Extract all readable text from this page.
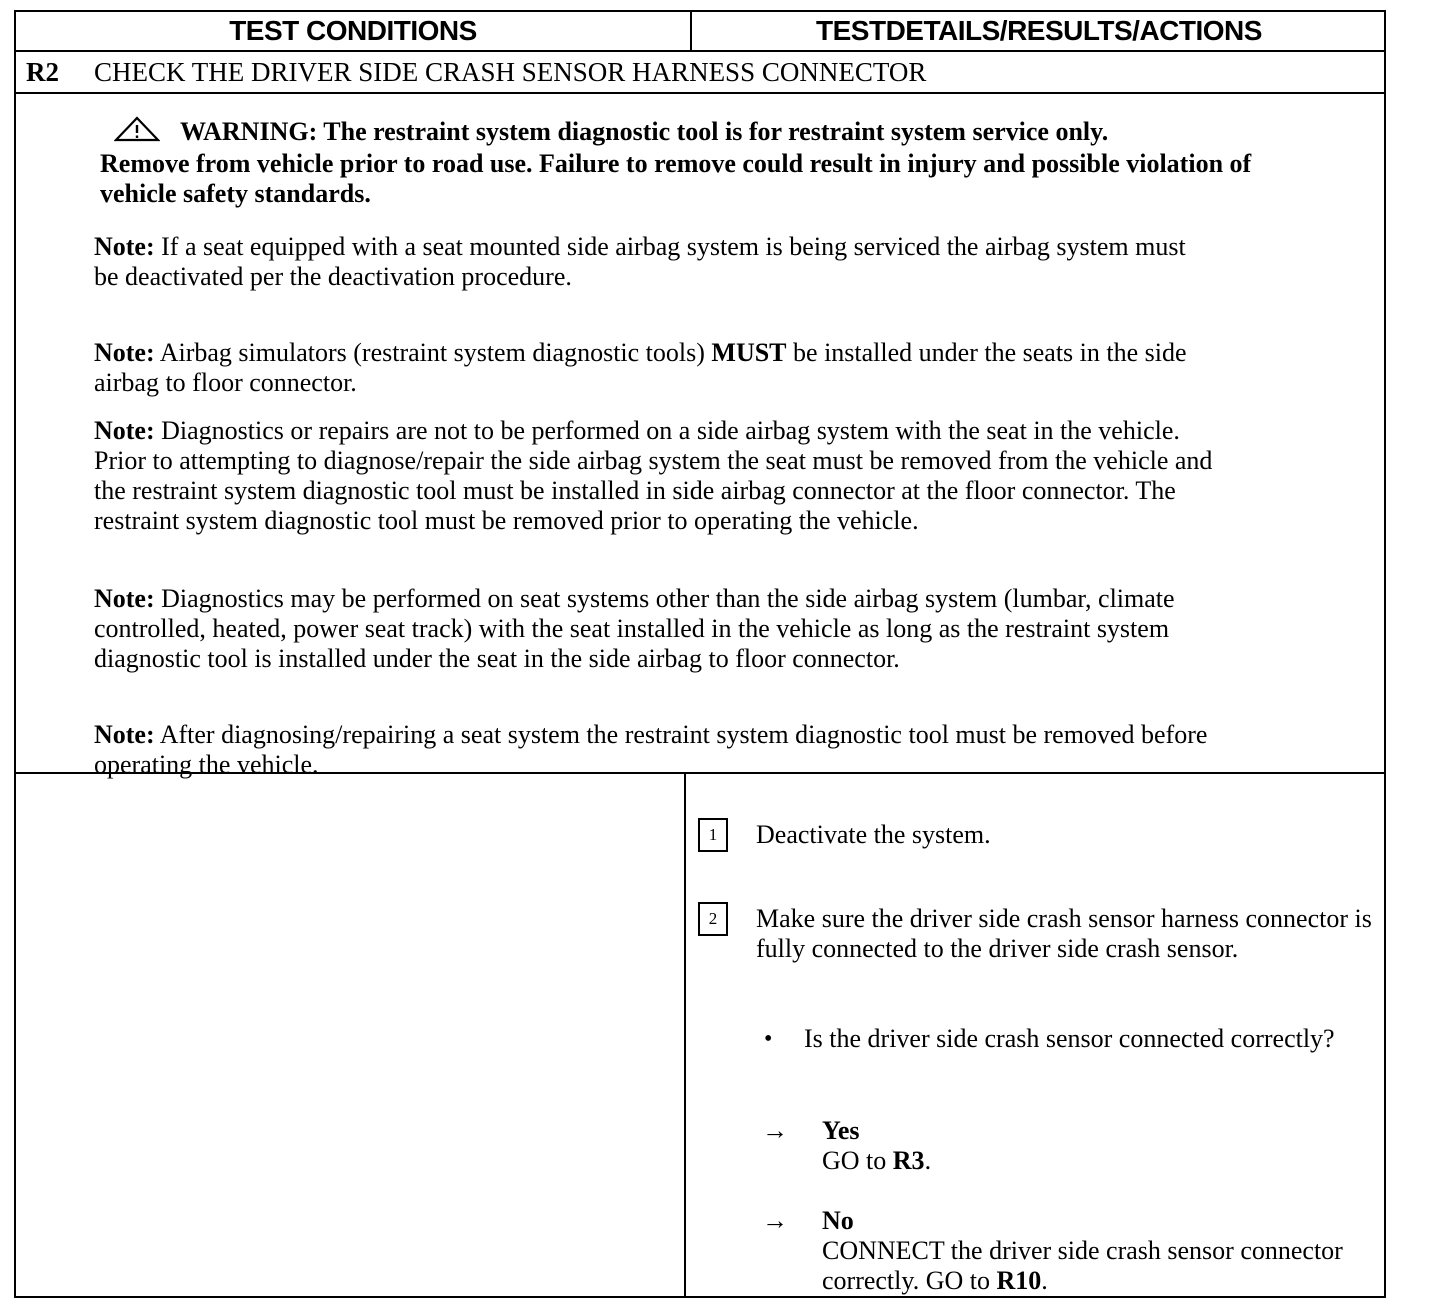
TEST CONDITIONS	TESTDETAILS/RESULTS/ACTIONS
R2 CHECK THE DRIVER SIDE CRASH SENSOR HARNESS CONNECTOR
WARNING: The restraint system diagnostic tool is for restraint system service only.
Remove from vehicle prior to road use. Failure to remove could result in injury and possible violation of vehicle safety standards.
Note: If a seat equipped with a seat mounted side airbag system is being serviced the airbag system must be deactivated per the deactivation procedure.
Note: Airbag simulators (restraint system diagnostic tools) MUST be installed under the seats in the side airbag to floor connector.
Note: Diagnostics or repairs are not to be performed on a side airbag system with the seat in the vehicle. Prior to attempting to diagnose/repair the side airbag system the seat must be removed from the vehicle and the restraint system diagnostic tool must be installed in side airbag connector at the floor connector. The restraint system diagnostic tool must be removed prior to operating the vehicle.
Note: Diagnostics may be performed on seat systems other than the side airbag system (lumbar, climate controlled, heated, power seat track) with the seat installed in the vehicle as long as the restraint system diagnostic tool is installed under the seat in the side airbag to floor connector.
Note: After diagnosing/repairing a seat system the restraint system diagnostic tool must be removed before operating the vehicle.
1	Deactivate the system.
2	Make sure the driver side crash sensor harness connector is fully connected to the driver side crash sensor.
• Is the driver side crash sensor connected correctly?
→ Yes
GO to R3.
→ No
CONNECT the driver side crash sensor connector correctly. GO to R10.
